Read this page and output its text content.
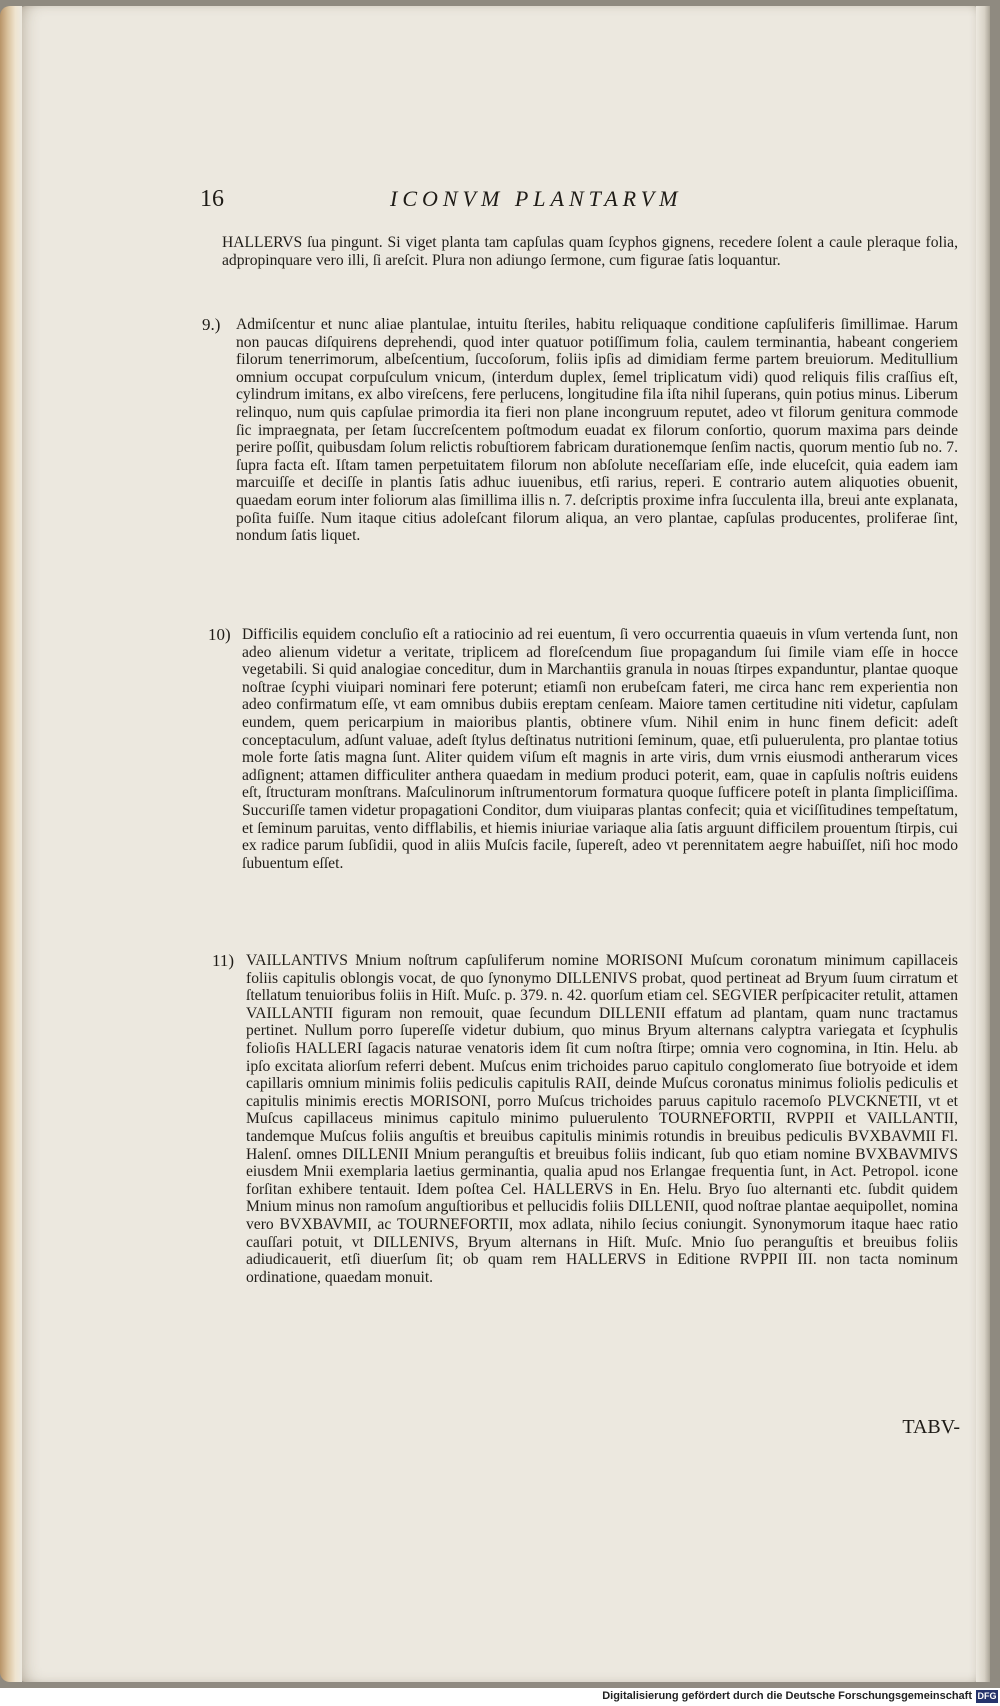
16	ICONVM PLANTARVM

HALLERVS ſua pingunt. Si viget planta tam capſulas quam ſcyphos gignens, recedere ſolent a caule pleraque folia, adpropinquare vero illi, ſi areſcit. Plura non adiungo ſermone, cum figurae ſatis loquantur.

9.) Admiſcentur et nunc aliae plantulae, intuitu ſteriles, habitu reliquaque conditione capſuliferis ſimillimae. Harum non paucas diſquirens deprehendi, quod inter quatuor potiſſimum folia, caulem terminantia, habeant congeriem filorum tenerrimorum, albeſcentium, ſuccoſorum, foliis ipſis ad dimidiam ferme partem breuiorum. Meditullium omnium occupat corpuſculum vnicum, (interdum duplex, ſemel triplicatum vidi) quod reliquis filis craſſius eſt, cylindrum imitans, ex albo vireſcens, fere perlucens, longitudine fila iſta nihil ſuperans, quin potius minus. Liberum relinquo, num quis capſulae primordia ita fieri non plane incongruum reputet, adeo vt filorum genitura commode ſic impraegnata, per ſetam ſuccreſcentem poſtmodum euadat ex filorum conſortio, quorum maxima pars deinde perire poſſit, quibusdam ſolum relictis robuſtiorem fabricam durationemque ſenſim nactis, quorum mentio ſub no. 7. ſupra facta eſt. Iſtam tamen perpetuitatem filorum non abſolute neceſſariam eſſe, inde eluceſcit, quia eadem iam marcuiſſe et deciſſe in plantis ſatis adhuc iuuenibus, etſi rarius, reperi. E contrario autem aliquoties obuenit, quaedam eorum inter foliorum alas ſimillima illis n. 7. deſcriptis proxime infra ſucculenta illa, breui ante explanata, poſita fuiſſe. Num itaque citius adoleſcant filorum aliqua, an vero plantae, capſulas producentes, proliferae ſint, nondum ſatis liquet.

10) Difficilis equidem concluſio eſt a ratiocinio ad rei euentum, ſi vero occurrentia quaeuis in vſum vertenda ſunt, non adeo alienum videtur a veritate, triplicem ad floreſcendum ſiue propagandum ſui ſimile viam eſſe in hocce vegetabili. Si quid analogiae conceditur, dum in Marchantiis granula in nouas ſtirpes expanduntur, plantae quoque noſtrae ſcyphi viuipari nominari fere poterunt; etiamſi non erubeſcam fateri, me circa hanc rem experientia non adeo confirmatum eſſe, vt eam omnibus dubiis ereptam cenſeam. Maiore tamen certitudine niti videtur, capſulam eundem, quem pericarpium in maioribus plantis, obtinere vſum. Nihil enim in hunc finem deficit: adeſt conceptaculum, adſunt valuae, adeſt ſtylus deſtinatus nutritioni ſeminum, quae, etſi puluerulenta, pro plantae totius mole forte ſatis magna ſunt. Aliter quidem viſum eſt magnis in arte viris, dum vrnis eiusmodi antherarum vices adſignent; attamen difficuliter anthera quaedam in medium produci poterit, eam, quae in capſulis noſtris euidens eſt, ſtructuram monſtrans. Maſculinorum inſtrumentorum formatura quoque ſufficere poteſt in planta ſimpliciſſima. Succuriſſe tamen videtur propagationi Conditor, dum viuiparas plantas confecit; quia et viciſſitudines tempeſtatum, et ſeminum paruitas, vento difflabilis, et hiemis iniuriae variaque alia ſatis arguunt difficilem prouentum ſtirpis, cui ex radice parum ſubſidii, quod in aliis Muſcis facile, ſupereſt, adeo vt perennitatem aegre habuiſſet, niſi hoc modo ſubuentum eſſet.

11) VAILLANTIVS Mnium noſtrum capſuliferum nomine MORISONI Muſcum coronatum minimum capillaceis foliis capitulis oblongis vocat, de quo ſynonymo DILLENIVS probat, quod pertineat ad Bryum ſuum cirratum et ſtellatum tenuioribus foliis in Hiſt. Muſc. p. 379. n. 42. quorſum etiam cel. SEGVIER perſpicaciter retulit, attamen VAILLANTII figuram non remouit, quae ſecundum DILLENII effatum ad plantam, quam nunc tractamus pertinet. Nullum porro ſupereſſe videtur dubium, quo minus Bryum alternans calyptra variegata et ſcyphulis folioſis HALLERI ſagacis naturae venatoris idem ſit cum noſtra ſtirpe; omnia vero cognomina, in Itin. Helu. ab ipſo excitata aliorſum referri debent. Muſcus enim trichoides paruo capitulo conglomerato ſiue botryoide et idem capillaris omnium minimis foliis pediculis capitulis RAII, deinde Muſcus coronatus minimus foliolis pediculis et capitulis minimis erectis MORISONI, porro Muſcus trichoides paruus capitulo racemoſo PLVCKNETII, vt et Muſcus capillaceus minimus capitulo minimo puluerulento TOURNEFORTII, RVPPII et VAILLANTII, tandemque Muſcus foliis anguſtis et breuibus capitulis minimis rotundis in breuibus pediculis BVXBAVMII Fl. Halenſ. omnes DILLENII Mnium peranguſtis et breuibus foliis indicant, ſub quo etiam nomine BVXBAVMIVS eiusdem Mnii exemplaria laetius germinantia, qualia apud nos Erlangae frequentia ſunt, in Act. Petropol. icone forſitan exhibere tentauit. Idem poſtea Cel. HALLERVS in En. Helu. Bryo ſuo alternanti etc. ſubdit quidem Mnium minus non ramoſum anguſtioribus et pellucidis foliis DILLENII, quod noſtrae plantae aequipollet, nomina vero BVXBAVMII, ac TOURNEFORTII, mox adlata, nihilo ſecius coniungit. Synonymorum itaque haec ratio cauſſari potuit, vt DILLENIVS, Bryum alternans in Hiſt. Muſc. Mnio ſuo peranguſtis et breuibus foliis adiudicauerit, etſi diuerſum ſit; ob quam rem HALLERVS in Editione RVPPII III. non tacta nominum ordinatione, quaedam monuit.

TABV-
Digitalisierung gefördert durch die Deutsche Forschungsgemeinschaft DFG
